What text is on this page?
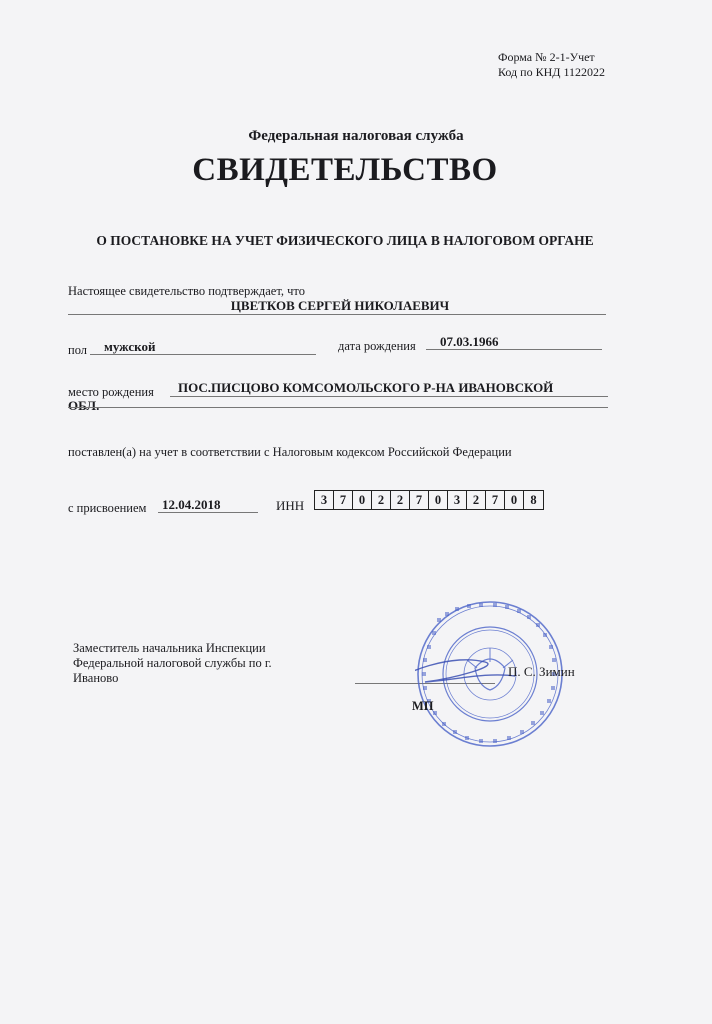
Форма № 2-1-Учет
Код по КНД 1122022
Федеральная налоговая служба
СВИДЕТЕЛЬСТВО
О ПОСТАНОВКЕ НА УЧЕТ ФИЗИЧЕСКОГО ЛИЦА В НАЛОГОВОМ ОРГАНЕ
Настоящее свидетельство подтверждает, что
ЦВЕТКОВ СЕРГЕЙ НИКОЛАЕВИЧ
пол мужской	дата рождения 07.03.1966
место рождения ПОС.ПИСЦОВО КОМСОМОЛЬСКОГО Р-НА ИВАНОВСКОЙ
ОБЛ.
поставлен(а) на учет в соответствии с Налоговым кодексом Российской Федерации
с присвоением 12.04.2018	ИНН	3	7	0	2	2	7	0	3	2	7	0	8
Заместитель начальника Инспекции
Федеральной налоговой службы по г.
Иваново	П. С. Зимин
МП
